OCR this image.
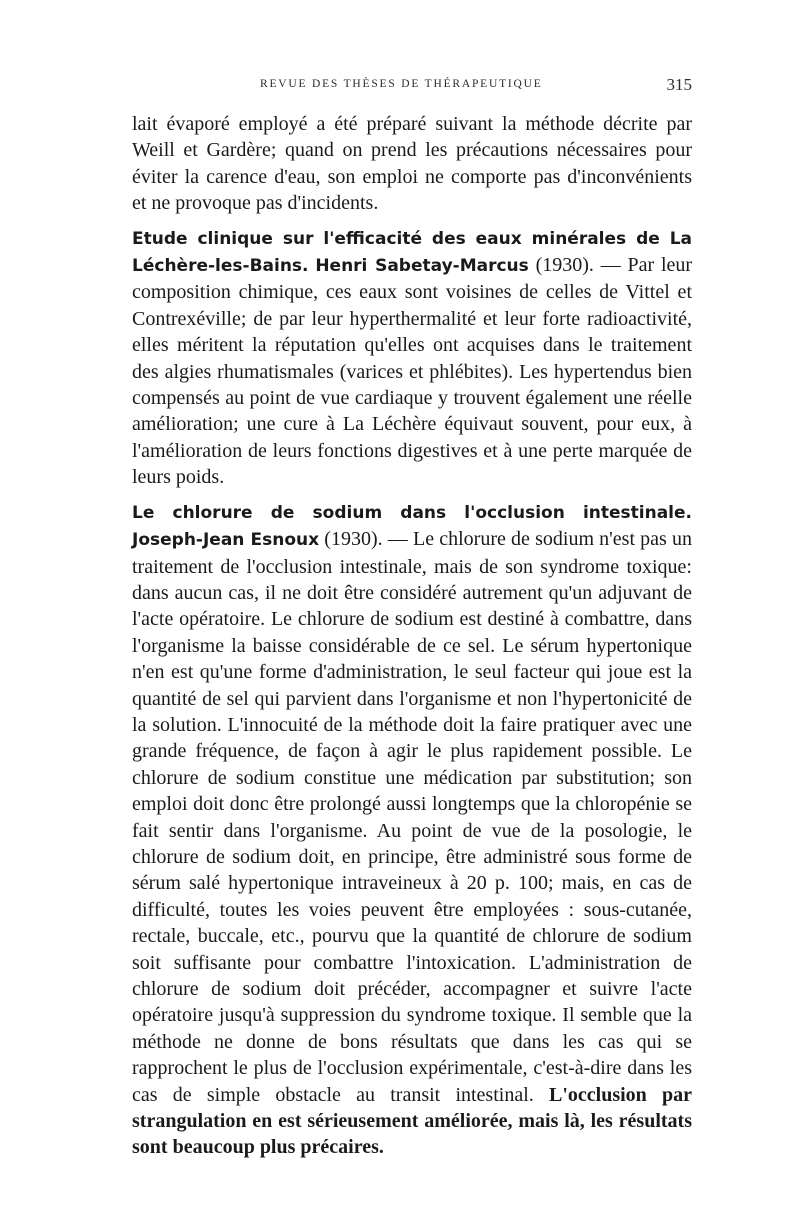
REVUE DES THÈSES DE THÉRAPEUTIQUE	315

lait évaporé employé a été préparé suivant la méthode décrite par Weill et Gardère; quand on prend les précautions nécessaires pour éviter la carence d'eau, son emploi ne comporte pas d'inconvénients et ne provoque pas d'incidents.

Etude clinique sur l'efficacité des eaux minérales de La Léchère-les-Bains. Henri Sabetay-Marcus (1930). — Par leur composition chimique, ces eaux sont voisines de celles de Vittel et Contrexéville; de par leur hyperthermalité et leur forte radioactivité, elles méritent la réputation qu'elles ont acquises dans le traitement des algies rhumatismales (varices et phlébites). Les hypertendus bien compensés au point de vue cardiaque y trouvent également une réelle amélioration; une cure à La Léchère équivaut souvent, pour eux, à l'amélioration de leurs fonctions digestives et à une perte marquée de leurs poids.

Le chlorure de sodium dans l'occlusion intestinale. Joseph-Jean Esnoux (1930). — Le chlorure de sodium n'est pas un traitement de l'occlusion intestinale, mais de son syndrome toxique: dans aucun cas, il ne doit être considéré autrement qu'un adjuvant de l'acte opératoire. Le chlorure de sodium est destiné à combattre, dans l'organisme la baisse considérable de ce sel. Le sérum hypertonique n'en est qu'une forme d'administration, le seul facteur qui joue est la quantité de sel qui parvient dans l'organisme et non l'hypertonicité de la solution. L'innocuité de la méthode doit la faire pratiquer avec une grande fréquence, de façon à agir le plus rapidement possible. Le chlorure de sodium constitue une médication par substitution; son emploi doit donc être prolongé aussi longtemps que la chloropénie se fait sentir dans l'organisme. Au point de vue de la posologie, le chlorure de sodium doit, en principe, être administré sous forme de sérum salé hypertonique intraveineux à 20 p. 100; mais, en cas de difficulté, toutes les voies peuvent être employées : sous-cutanée, rectale, buccale, etc., pourvu que la quantité de chlorure de sodium soit suffisante pour combattre l'intoxication. L'administration de chlorure de sodium doit précéder, accompagner et suivre l'acte opératoire jusqu'à suppression du syndrome toxique. Il semble que la méthode ne donne de bons résultats que dans les cas qui se rapprochent le plus de l'occlusion expérimentale, c'est-à-dire dans les cas de simple obstacle au transit intestinal. L'occlusion par strangulation en est sérieusement améliorée, mais là, les résultats sont beaucoup plus précaires.
